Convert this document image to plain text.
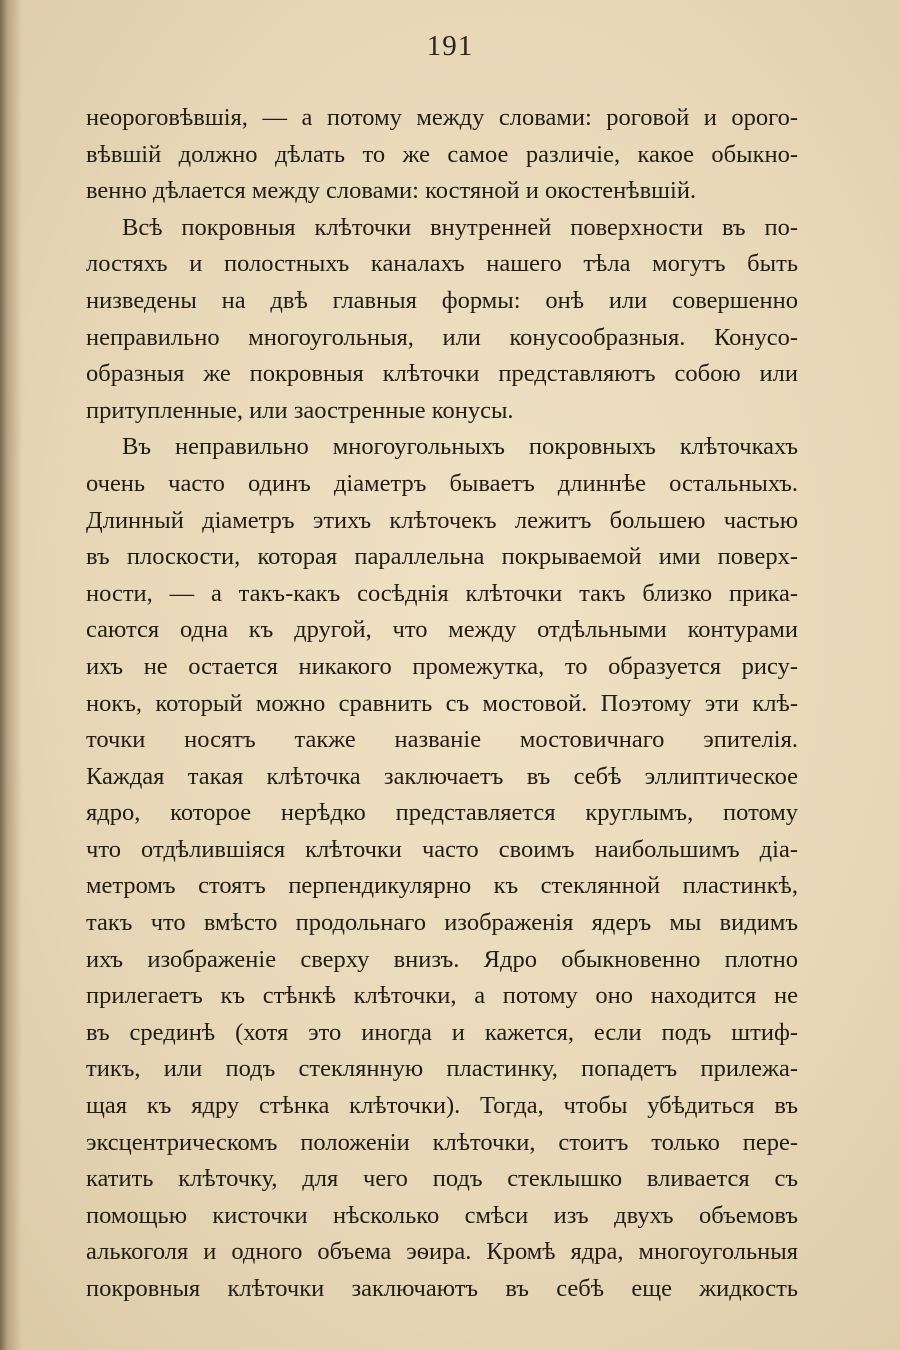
191
неороговѣвшія, — а потому между словами: роговой и орого-
вѣвшій должно дѣлать то же самое различіе, какое обыкно-
венно дѣлается между словами: костяной и окостенѣвшій.
Всѣ покровныя клѣточки внутренней поверхности въ по-
лостяхъ и полостныхъ каналахъ нашего тѣла могутъ быть
низведены на двѣ главныя формы: онѣ или совершенно
неправильно многоугольныя, или конусообразныя. Конусо-
образныя же покровныя клѣточки представляютъ собою или
притупленные, или заостренные конусы.
Въ неправильно многоугольныхъ покровныхъ клѣточкахъ
очень часто одинъ діаметръ бываетъ длиннѣе остальныхъ.
Длинный діаметръ этихъ клѣточекъ лежитъ большею частью
въ плоскости, которая параллельна покрываемой ими поверх-
ности, — а такъ-какъ сосѣднія клѣточки такъ близко прика-
саются одна къ другой, что между отдѣльными контурами
ихъ не остается никакого промежутка, то образуется рису-
нокъ, который можно сравнить съ мостовой. Поэтому эти клѣ-
точки носятъ также названіе мостовичнаго эпителія.
Каждая такая клѣточка заключаетъ въ себѣ эллиптическое
ядро, которое нерѣдко представляется круглымъ, потому
что отдѣлившіяся клѣточки часто своимъ наибольшимъ діа-
метромъ стоятъ перпендикулярно къ стеклянной пластинкѣ,
такъ что вмѣсто продольнаго изображенія ядеръ мы видимъ
ихъ изображеніе сверху внизъ. Ядро обыкновенно плотно
прилегаетъ къ стѣнкѣ клѣточки, а потому оно находится не
въ срединѣ (хотя это иногда и кажется, если подъ штиф-
тикъ, или подъ стеклянную пластинку, попадетъ прилежа-
щая къ ядру стѣнка клѣточки). Тогда, чтобы убѣдиться въ
эксцентрическомъ положеніи клѣточки, стоитъ только пере-
катить клѣточку, для чего подъ стеклышко вливается съ
помощью кисточки нѣсколько смѣси изъ двухъ объемовъ
алькоголя и одного объема эѳира. Кромѣ ядра, многоугольныя
покровныя клѣточки заключаютъ въ себѣ еще жидкость
